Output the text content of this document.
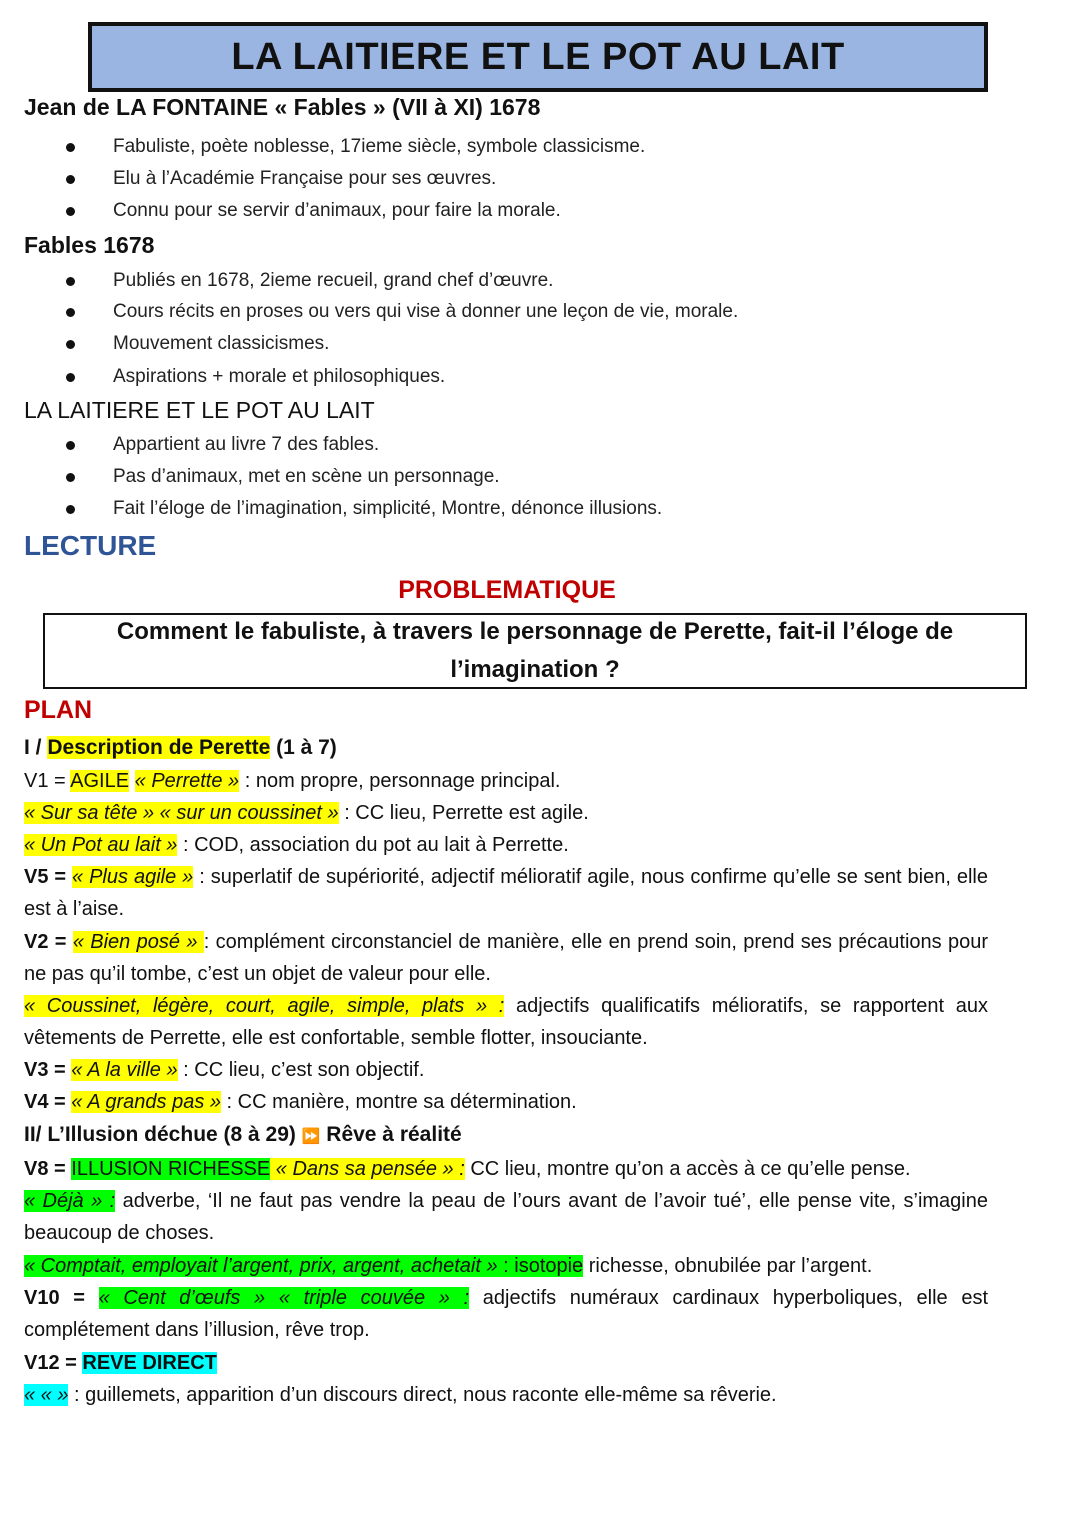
LA LAITIERE ET LE POT AU LAIT
Jean de LA FONTAINE « Fables » (VII à XI) 1678
Fabuliste, poète noblesse, 17ieme siècle, symbole classicisme.
Elu à l’Académie Française pour ses œuvres.
Connu pour se servir d’animaux, pour faire la morale.
Fables 1678
Publiés en 1678, 2ieme recueil, grand chef d’œuvre.
Cours récits en proses ou vers qui vise à donner une leçon de vie, morale.
Mouvement classicismes.
Aspirations + morale et philosophiques.
LA LAITIERE ET LE POT AU LAIT
Appartient au livre 7 des fables.
Pas d’animaux, met en scène un personnage.
Fait l’éloge de l’imagination, simplicité, Montre, dénonce illusions.
LECTURE
PROBLEMATIQUE
Comment le fabuliste, à travers le personnage de Perette, fait-il l’éloge de l’imagination ?
PLAN
I / Description de Perette (1 à 7)
V1 = AGILE « Perrette » : nom propre, personnage principal.
« Sur sa tête » « sur un coussinet » : CC lieu, Perrette est agile.
« Un Pot au lait » : COD, association du pot au lait à Perrette.
V5 = « Plus agile » : superlatif de supériorité, adjectif mélioratif agile, nous confirme qu’elle se sent bien, elle est à l’aise.
V2 = « Bien posé » : complément circonstanciel de manière, elle en prend soin, prend ses précautions pour ne pas qu’il tombe, c’est un objet de valeur pour elle.
« Coussinet, légère, court, agile, simple, plats » : adjectifs qualificatifs mélioratifs, se rapportent aux vêtements de Perrette, elle est confortable, semble flotter, insouciante.
V3 = « A la ville » : CC lieu, c’est son objectif.
V4 = « A grands pas » : CC manière, montre sa détermination.
II/ L’Illusion déchue (8 à 29) ⏩ Rêve à réalité
V8 = ILLUSION RICHESSE « Dans sa pensée » : CC lieu, montre qu’on a accès à ce qu’elle pense.
« Déjà » : adverbe, ‘Il ne faut pas vendre la peau de l’ours avant de l’avoir tué’, elle pense vite, s’imagine beaucoup de choses.
« Comptait, employait l’argent, prix, argent, achetait » : isotopie richesse, obnubilée par l’argent.
V10 = « Cent d’œufs » « triple couvée » : adjectifs numéraux cardinaux hyperboliques, elle est complétement dans l’illusion, rêve trop.
V12 = REVE DIRECT
« « » : guillemets, apparition d’un discours direct, nous raconte elle-même sa rêverie.
